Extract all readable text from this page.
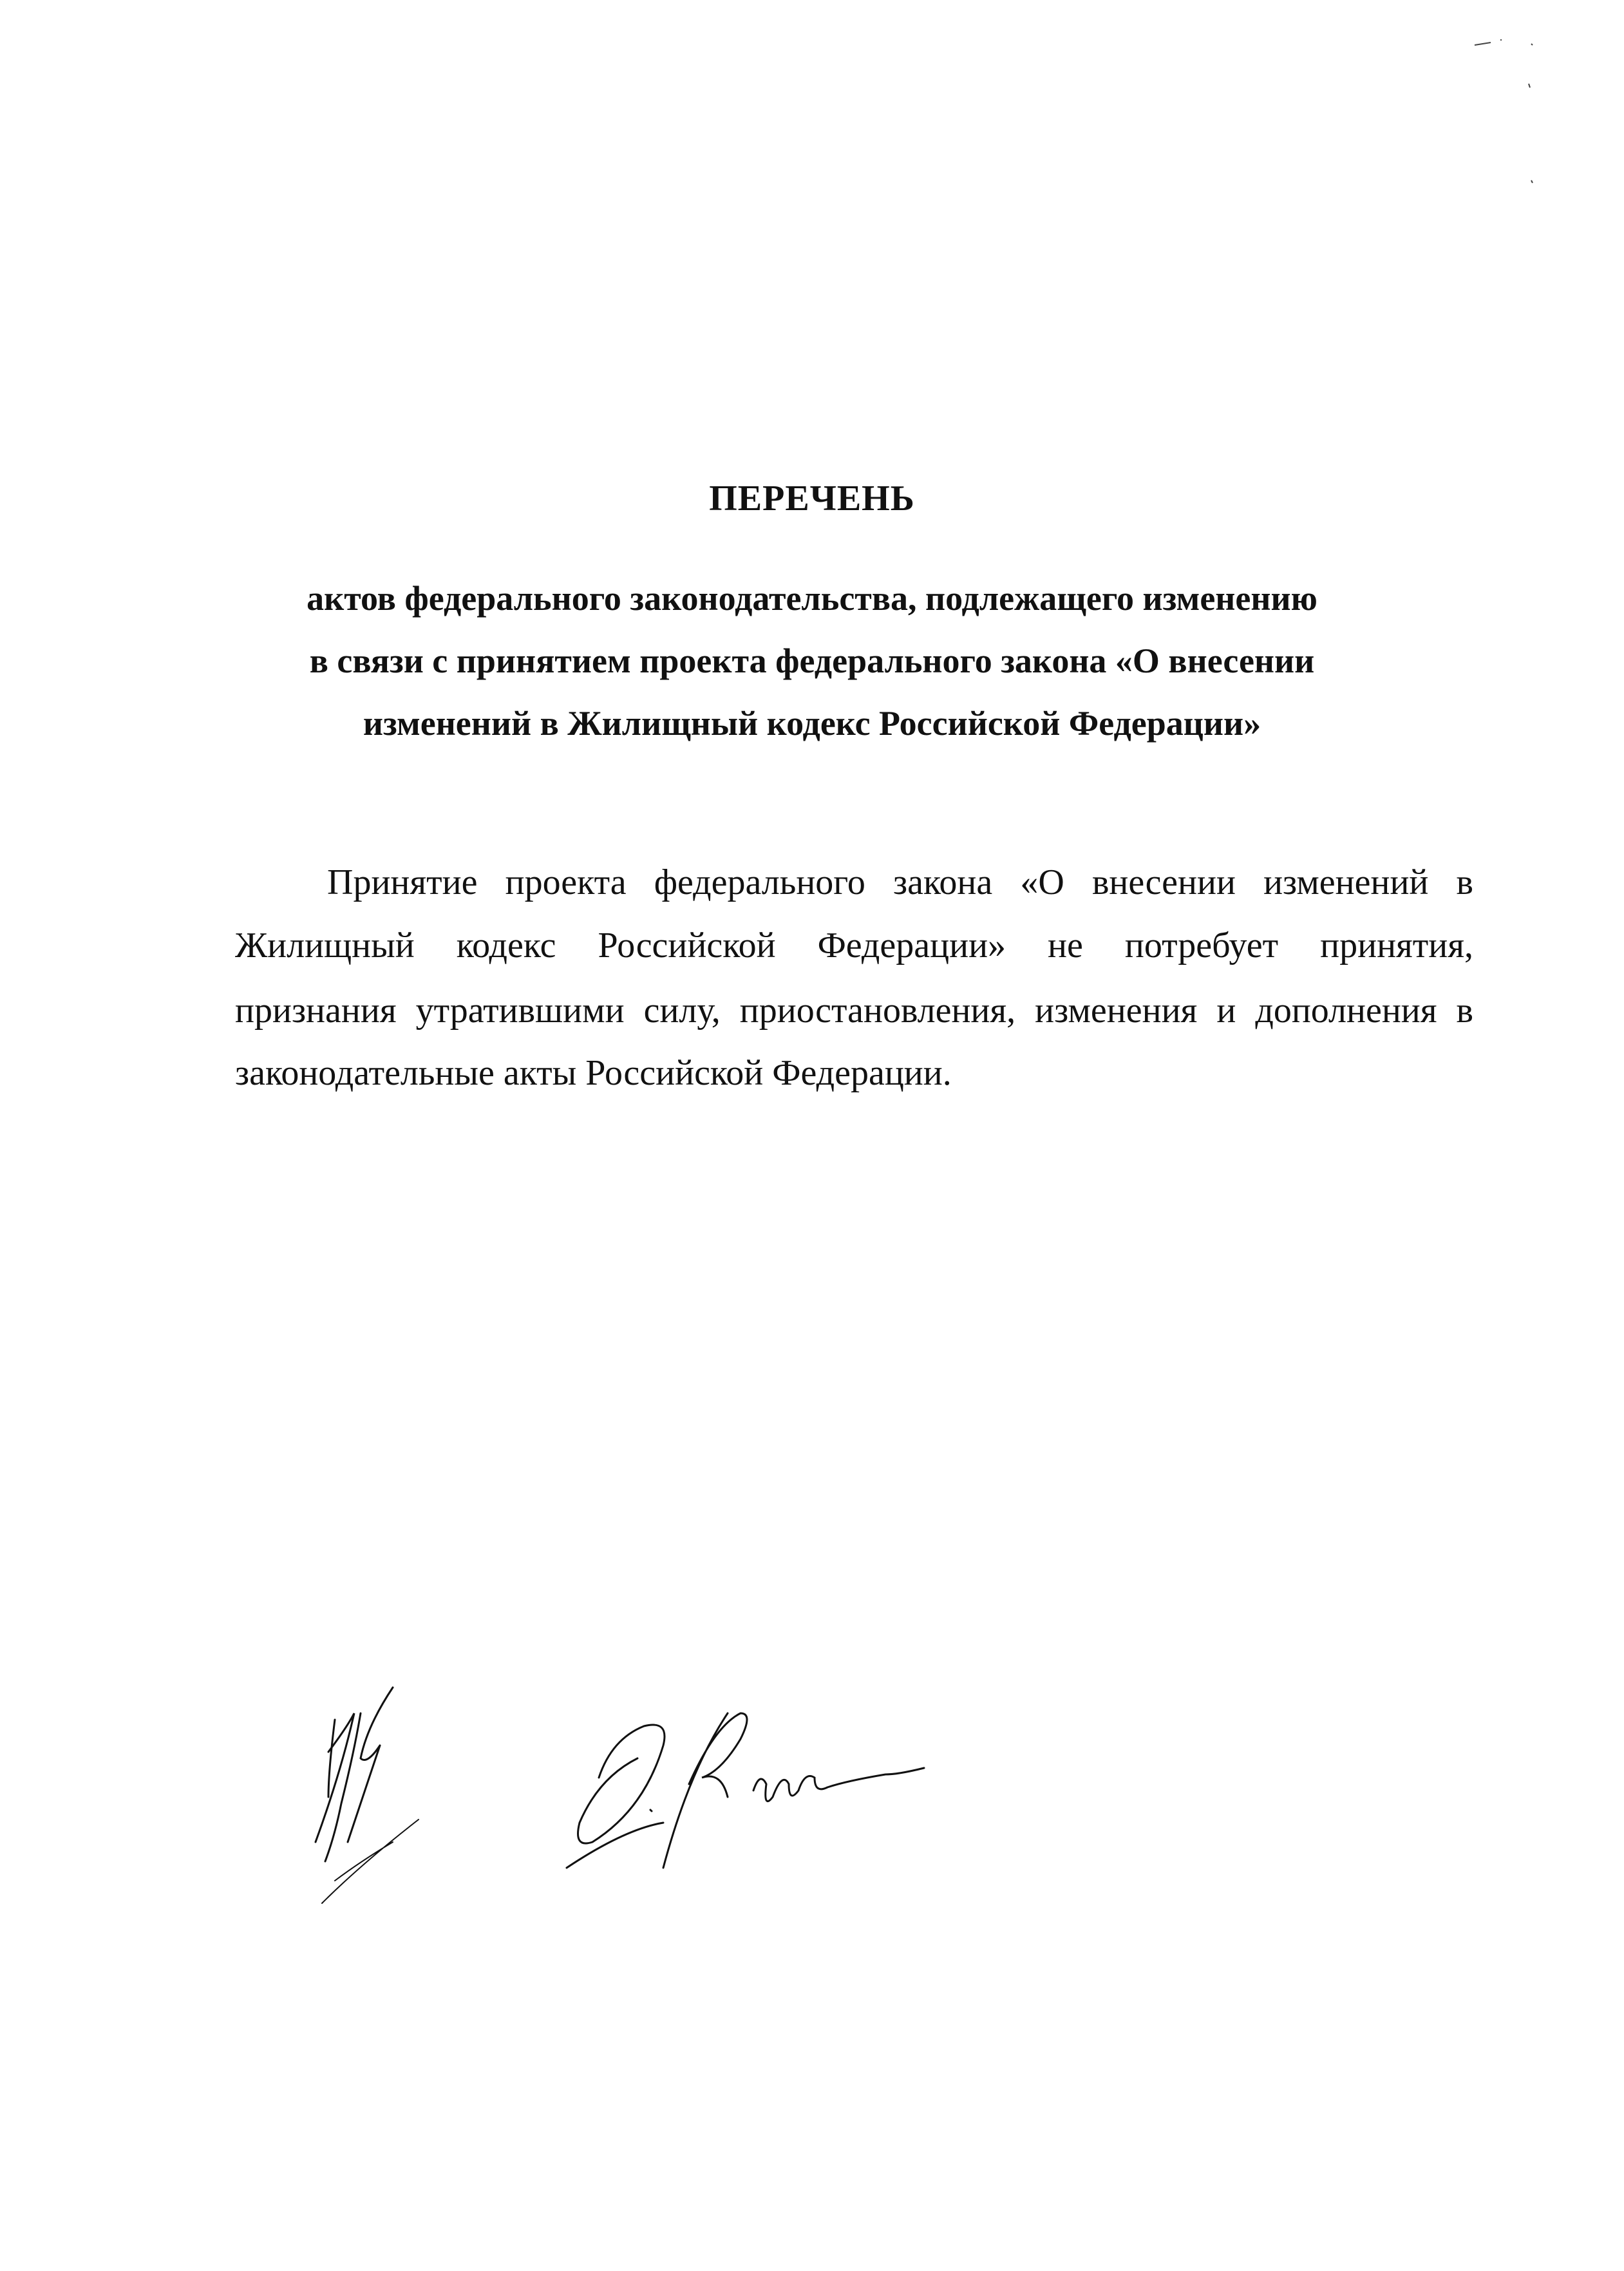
ПЕРЕЧЕНЬ
актов федерального законодательства, подлежащего изменению
в связи с принятием проекта федерального закона «О внесении
изменений в Жилищный кодекс Российской Федерации»
Принятие проекта федерального закона «О внесении изменений в
Жилищный кодекс Российской Федерации» не потребует принятия,
признания утратившими силу, приостановления, изменения и дополнения в
законодательные акты Российской Федерации.
